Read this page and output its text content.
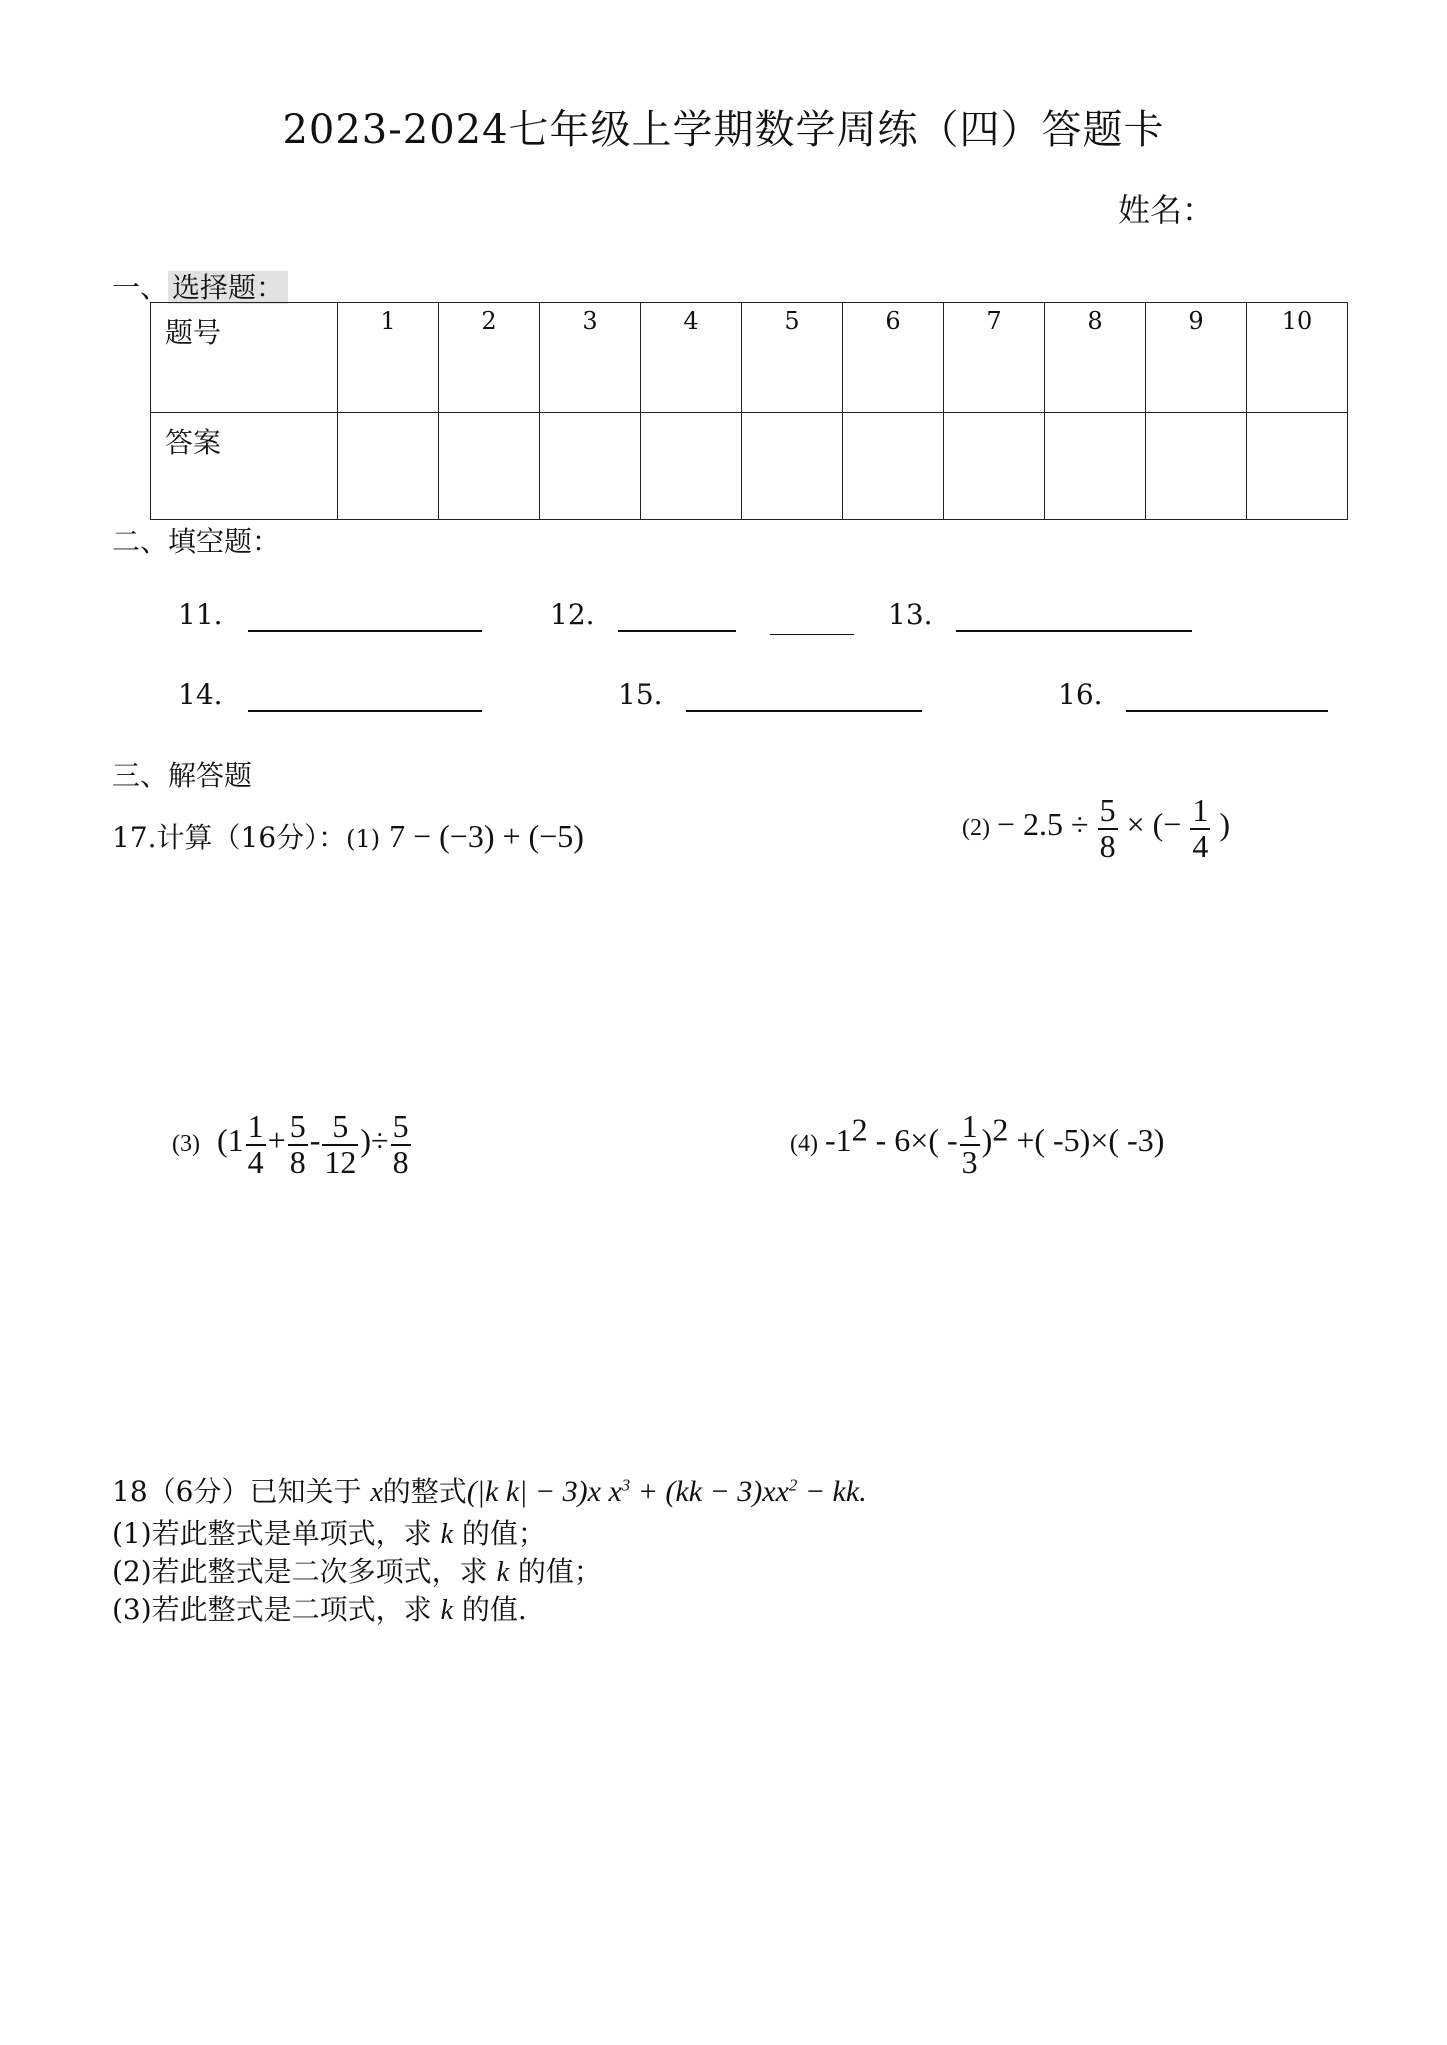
2023-2024七年级上学期数学周练（四）答题卡
姓名：
一、 选择题：
题号	1	2	3	4	5	6	7	8	9	10
答案										
二、填空题：
11.	12.	13.
14.	15.	16.
三、解答题
17.计算（16分）：(1) 7 − (−3) + (−5)	$(2) - 2.5 \div \frac{5}{8}$ × (− $\frac{1}{4}$ )
(3) ($1 \frac{1}{4} + \frac{5}{8} - \frac{5}{12}$ )÷ $\frac{5}{8}$	(4) $-1^2 - 6\times( - \frac{1}{3} )^2$ +( -5)×( -3)
18（6分）已知关于 x的整式(|k k| − 3)x $x^3 + (kk - 3)xx^2$ − kk.
(1)若此整式是单项式，求 k 的值；
(2)若此整式是二次多项式，求 k 的值；
(3)若此整式是二项式，求 k 的值.
